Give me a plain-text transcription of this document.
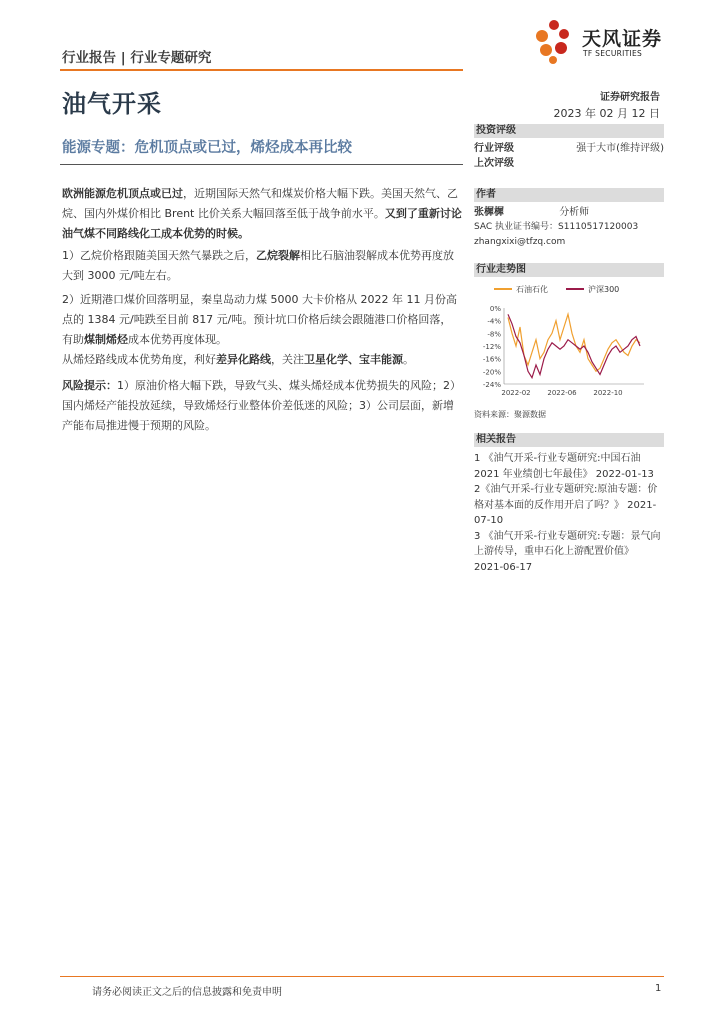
行业报告 | 行业专题研究
天风证券
TF SECURITIES
油气开采	证券研究报告
2023 年 02 月 12 日
能源专题：危机顶点或已过，烯烃成本再比较

欧洲能源危机顶点或已过，近期国际天然气和煤炭价格大幅下跌。美国天然气、乙烷、国内外煤价相比 Brent 比价关系大幅回落至低于战争前水平。又到了重新讨论油气煤不同路线化工成本优势的时候。

1）乙烷价格跟随美国天然气暴跌之后，乙烷裂解相比石脑油裂解成本优势再度放大到 3000 元/吨左右。

2）近期港口煤价回落明显，秦皇岛动力煤 5000 大卡价格从 2022 年 11 月份高点的 1384 元/吨跌至目前 817 元/吨。预计坑口价格后续会跟随港口价格回落，有助煤制烯烃成本优势再度体现。

从烯烃路线成本优势角度，利好差异化路线，关注卫星化学、宝丰能源。

风险提示：1）原油价格大幅下跌，导致气头、煤头烯烃成本优势损失的风险；2）国内烯烃产能投放延续，导致烯烃行业整体价差低迷的风险；3）公司层面，新增产能布局推进慢于预期的风险。

投资评级
行业评级	强于大市(维持评级)
上次评级
作者
张樨樨	分析师
SAC 执业证书编号：S1110517120003
zhangxixi@tfzq.com
行业走势图
石油石化	沪深300
0%
-4%
-8%
-12%
-16%
-20%
-24%
2022-02 2022-06 2022-10
资料来源：聚源数据
相关报告
1 《油气开采-行业专题研究:中国石油2021 年业绩创七年最佳》 2022-01-13
2《油气开采-行业专题研究:原油专题：价格对基本面的反作用开启了吗？》 2021-07-10
3 《油气开采-行业专题研究:专题：景气向上游传导，重申石化上游配置价值》 2021-06-17
请务必阅读正文之后的信息披露和免责申明	1
